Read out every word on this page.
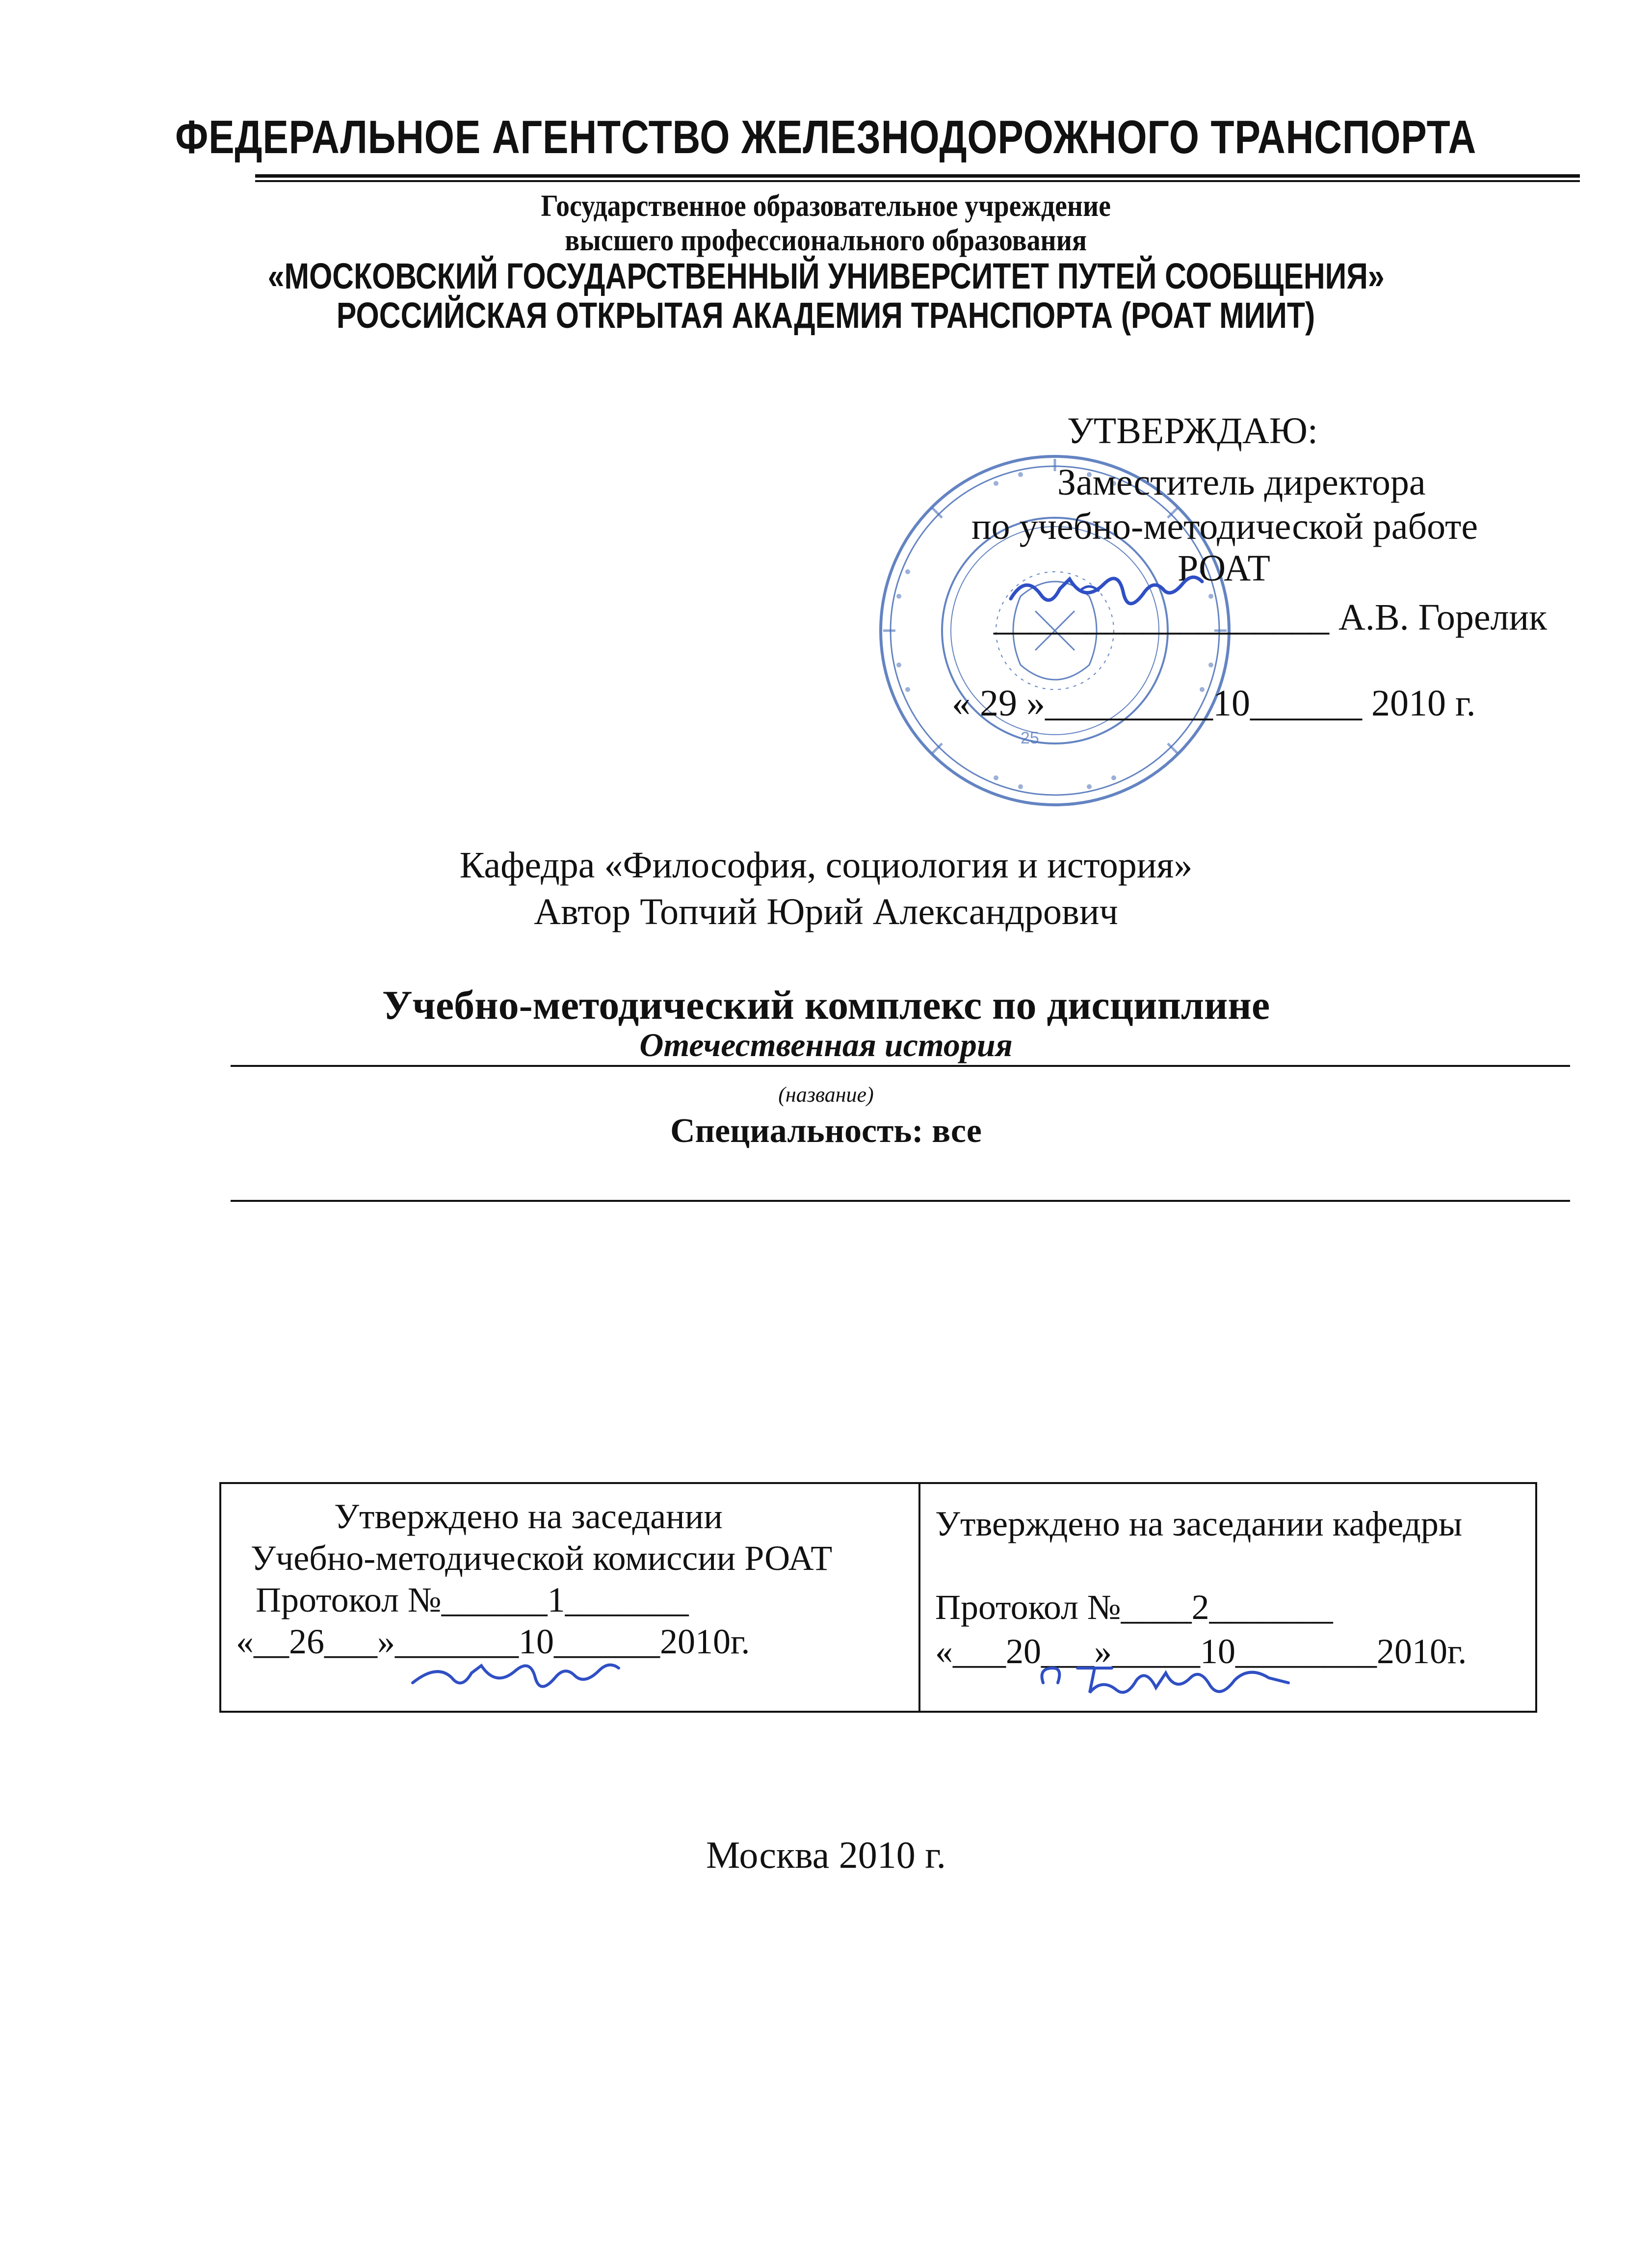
ФЕДЕРАЛЬНОЕ АГЕНТСТВО ЖЕЛЕЗНОДОРОЖНОГО ТРАНСПОРТА
Государственное образовательное учреждение
высшего профессионального образования
«МОСКОВСКИЙ ГОСУДАРСТВЕННЫЙ УНИВЕРСИТЕТ ПУТЕЙ СООБЩЕНИЯ»
РОССИЙСКАЯ ОТКРЫТАЯ АКАДЕМИЯ ТРАНСПОРТА (РОАТ МИИТ)
25
УТВЕРЖДАЮ:
Заместитель директора
по учебно-методической работе
РОАТ
__________________ А.В. Горелик
« 29 »_________10______ 2010 г.
Кафедра «Философия, социология и история»
Автор Топчий Юрий Александрович
Учебно-методический комплекс по дисциплине
Отечественная история
(название)
Специальность: все
Утверждено на заседании
Учебно-методической комиссии РОАТ
Протокол №______1_______
«__26___»_______10______2010г.
Утверждено на заседании кафедры
Протокол №____2_______
«___20___»_____10________2010г.
Москва 2010 г.
